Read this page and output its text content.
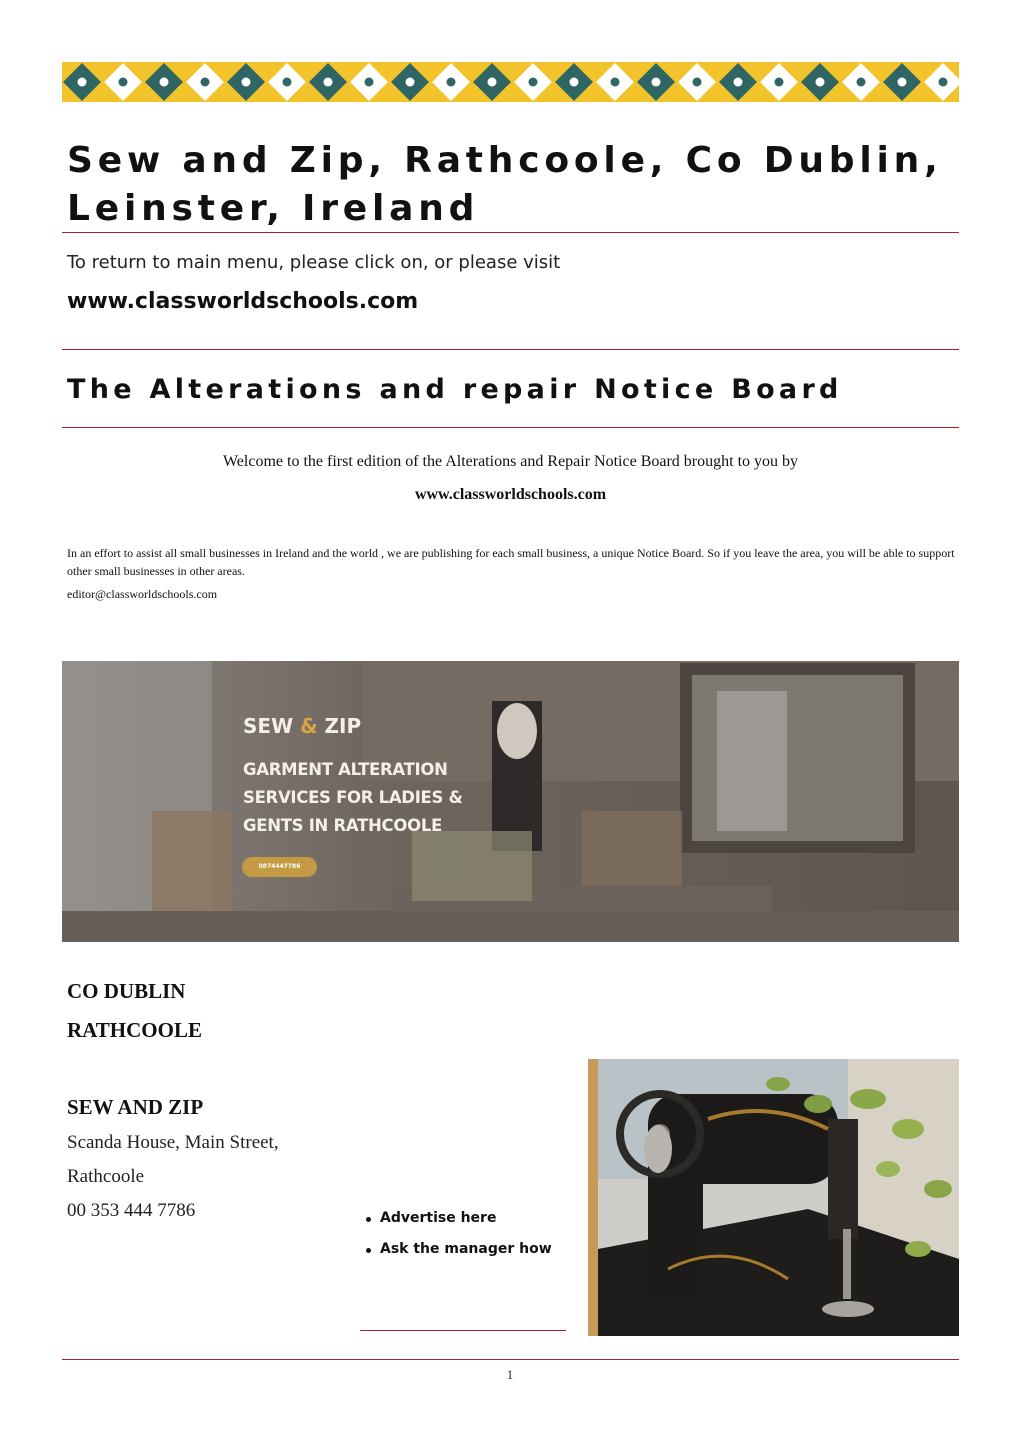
Sew and Zip, Rathcoole, Co Dublin, Leinster, Ireland
To return to main menu, please click on, or please visit
www.classworldschools.com
The Alterations and repair Notice Board
Welcome to the first edition of the Alterations and Repair Notice Board brought to you by
www.classworldschools.com
In an effort to assist all small businesses in Ireland and the world , we are publishing for each small business, a unique Notice Board. So if you leave the area, you will be able to support other small businesses in other areas.
editor@classworldschools.com
SEW & ZIP
GARMENT ALTERATION
SERVICES FOR LADIES &
GENTS IN RATHCOOLE
0874447786
CO DUBLIN
RATHCOOLE
SEW AND ZIP
Scanda House, Main Street,
Rathcoole
00 353 444 7786	Advertise here
Ask the manager how
1
